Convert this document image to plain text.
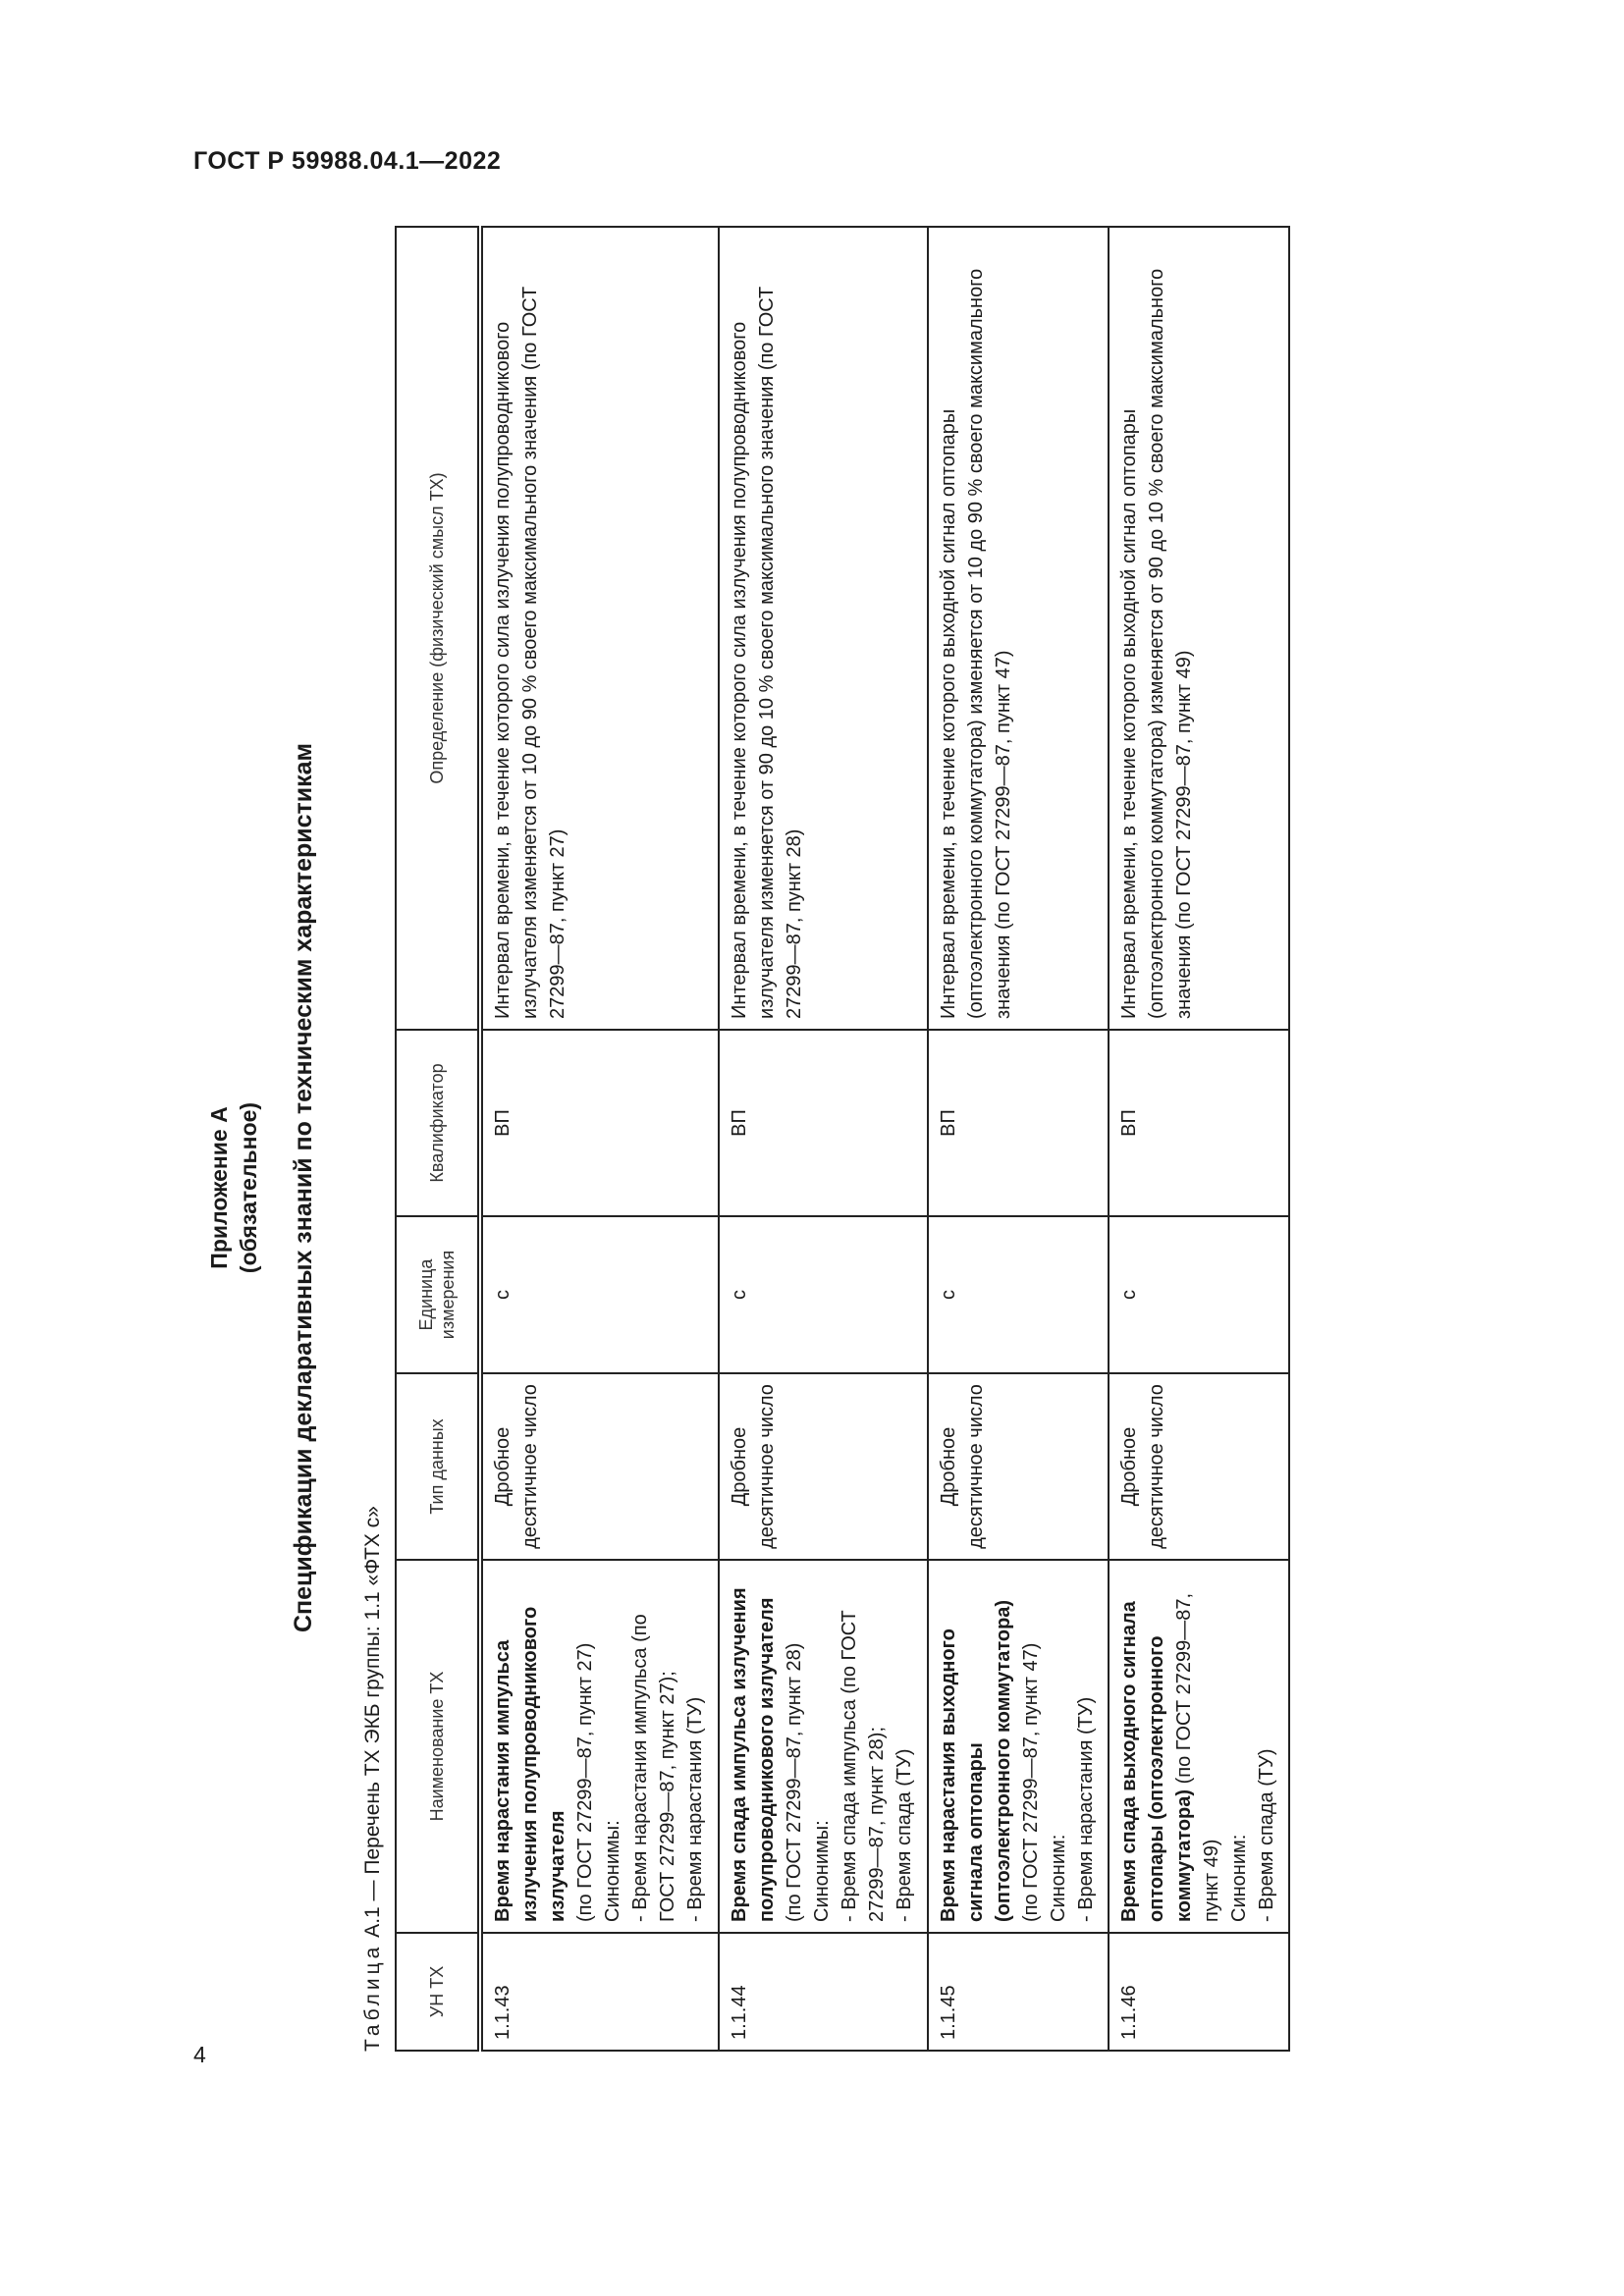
ГОСТ Р 59988.04.1—2022
4
Приложение А (обязательное) Спецификации декларативных знаний по техническим характеристикам
Таблица А.1 — Перечень ТХ ЭКБ группы: 1.1 «ФТХ с»
УН ТХ	Наименование ТХ	Тип данных	Единица измерения	Квалификатор	Определение (физический смысл ТХ)
1.1.43	Время нарастания импульса излучения полупроводникового излучателя (по ГОСТ 27299—87, пункт 27) Синонимы: - Время нарастания импульса (по ГОСТ 27299—87, пункт 27); - Время нарастания (ТУ)	Дробное десятичное число	с	ВП	Интервал времени, в течение которого сила излучения полупроводникового излучателя изменяется от 10 до 90 % своего максимального значения (по ГОСТ 27299—87, пункт 27)
1.1.44	Время спада импульса излучения полупроводникового излучателя (по ГОСТ 27299—87, пункт 28) Синонимы: - Время спада импульса (по ГОСТ 27299—87, пункт 28); - Время спада (ТУ)	Дробное десятичное число	с	ВП	Интервал времени, в течение которого сила излучения полупроводникового излучателя изменяется от 90 до 10 % своего максимального значения (по ГОСТ 27299—87, пункт 28)
1.1.45	Время нарастания выходного сигнала оптопары (оптоэлектронного коммутатора) (по ГОСТ 27299—87, пункт 47) Синоним: - Время нарастания (ТУ)	Дробное десятичное число	с	ВП	Интервал времени, в течение которого выходной сигнал оптопары (оптоэлектронного коммутатора) изменяется от 10 до 90 % своего максимального значения (по ГОСТ 27299—87, пункт 47)
1.1.46	Время спада выходного сигнала оптопары (оптоэлектронного коммутатора) (по ГОСТ 27299—87, пункт 49) Синоним: - Время спада (ТУ)	Дробное десятичное число	с	ВП	Интервал времени, в течение которого выходной сигнал оптопары (оптоэлектронного коммутатора) изменяется от 90 до 10 % своего максимального значения (по ГОСТ 27299—87, пункт 49)
